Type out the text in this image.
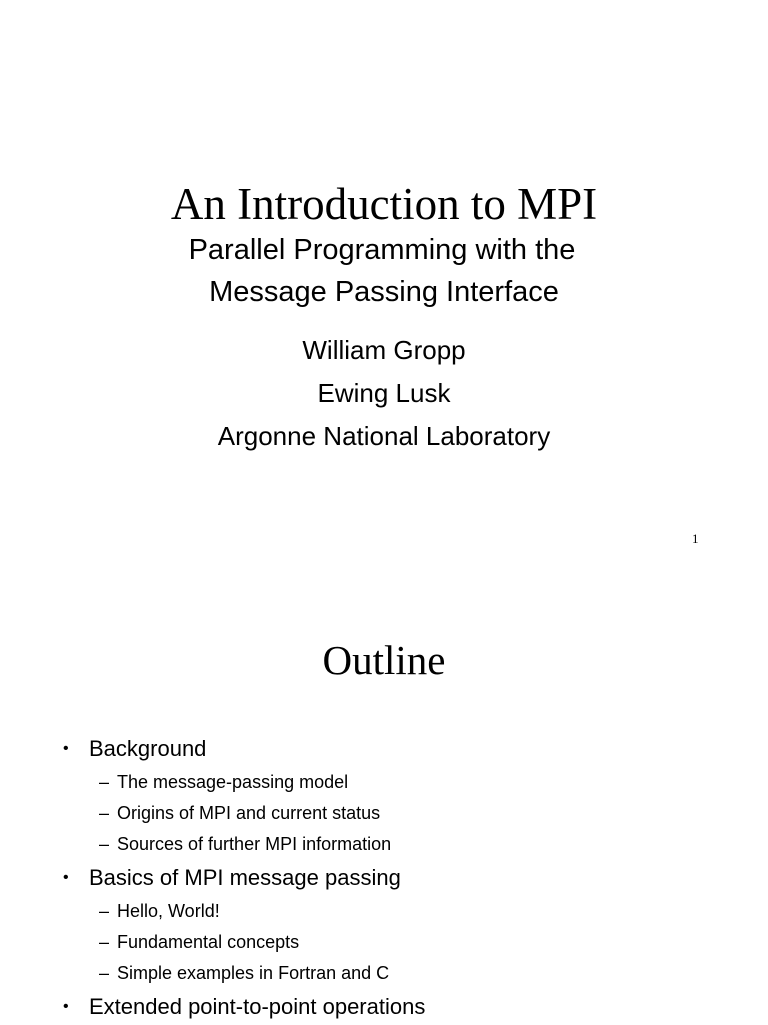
An Introduction to MPI
Parallel Programming with the
Message Passing Interface
William Gropp
Ewing Lusk
Argonne National Laboratory
1
Outline
• Background
– The message-passing model
– Origins of MPI and current status
– Sources of further MPI information
• Basics of MPI message passing
– Hello, World!
– Fundamental concepts
– Simple examples in Fortran and C
• Extended point-to-point operations
